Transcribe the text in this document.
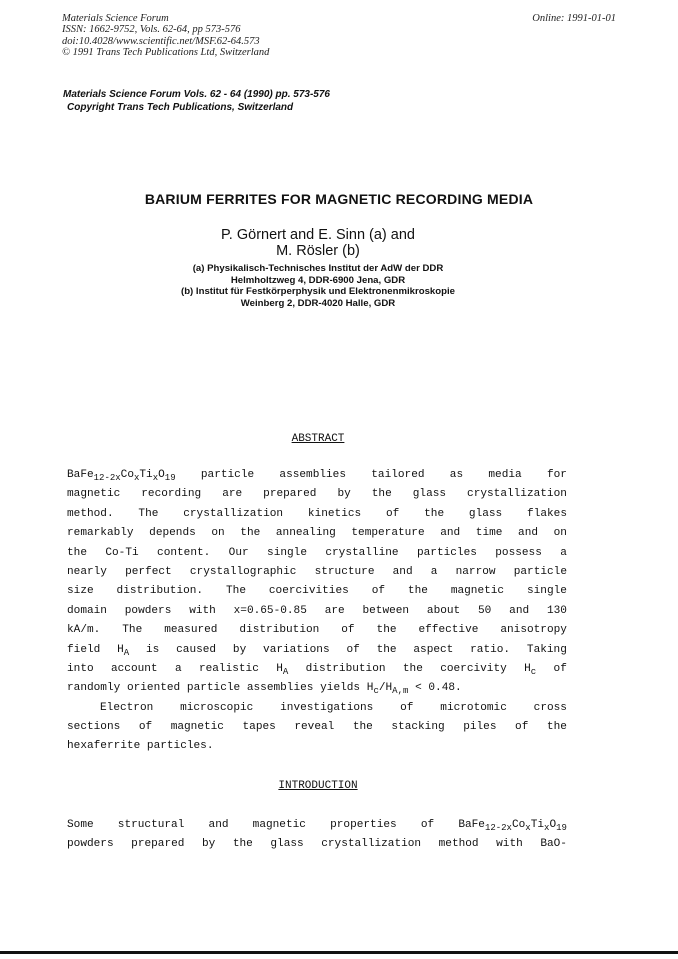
Materials Science Forum
ISSN: 1662-9752, Vols. 62-64, pp 573-576
doi:10.4028/www.scientific.net/MSF.62-64.573
© 1991 Trans Tech Publications Ltd, Switzerland
Online: 1991-01-01
Materials Science Forum Vols. 62 - 64 (1990) pp. 573-576
Copyright Trans Tech Publications, Switzerland
BARIUM FERRITES FOR MAGNETIC RECORDING MEDIA
P. Görnert and E. Sinn (a) and
M. Rösler (b)
(a) Physikalisch-Technisches Institut der AdW der DDR
Helmholtzweg 4, DDR-6900 Jena, GDR
(b) Institut für Festkörperphysik und Elektronenmikroskopie
Weinberg 2, DDR-4020 Halle, GDR
ABSTRACT
$BaFe_{12-2x}Co_xTi_xO_{19}$ particle assemblies tailored as media for
magnetic recording are prepared by the glass crystallization
method. The crystallization kinetics of the glass flakes
remarkably depends on the annealing temperature and time and on
the Co-Ti content. Our single crystalline particles possess a
nearly perfect crystallographic structure and a narrow particle
size distribution. The coercivities of the magnetic single
domain powders with x=0.65-0.85 are between about 50 and 130
kA/m. The measured distribution of the effective anisotropy
field $H_A$ is caused by variations of the aspect ratio. Taking
into account a realistic $H_A$ distribution the coercivity $H_c$ of
randomly oriented particle assemblies yields $H_c/H_{A,m} < 0.48$.
Electron microscopic investigations of microtomic cross
sections of magnetic tapes reveal the stacking piles of the
hexaferrite particles.
INTRODUCTION
Some structural and magnetic properties of $BaFe_{12-2x}Co_xTi_xO_{19}$
powders prepared by the glass crystallization method with BaO-
